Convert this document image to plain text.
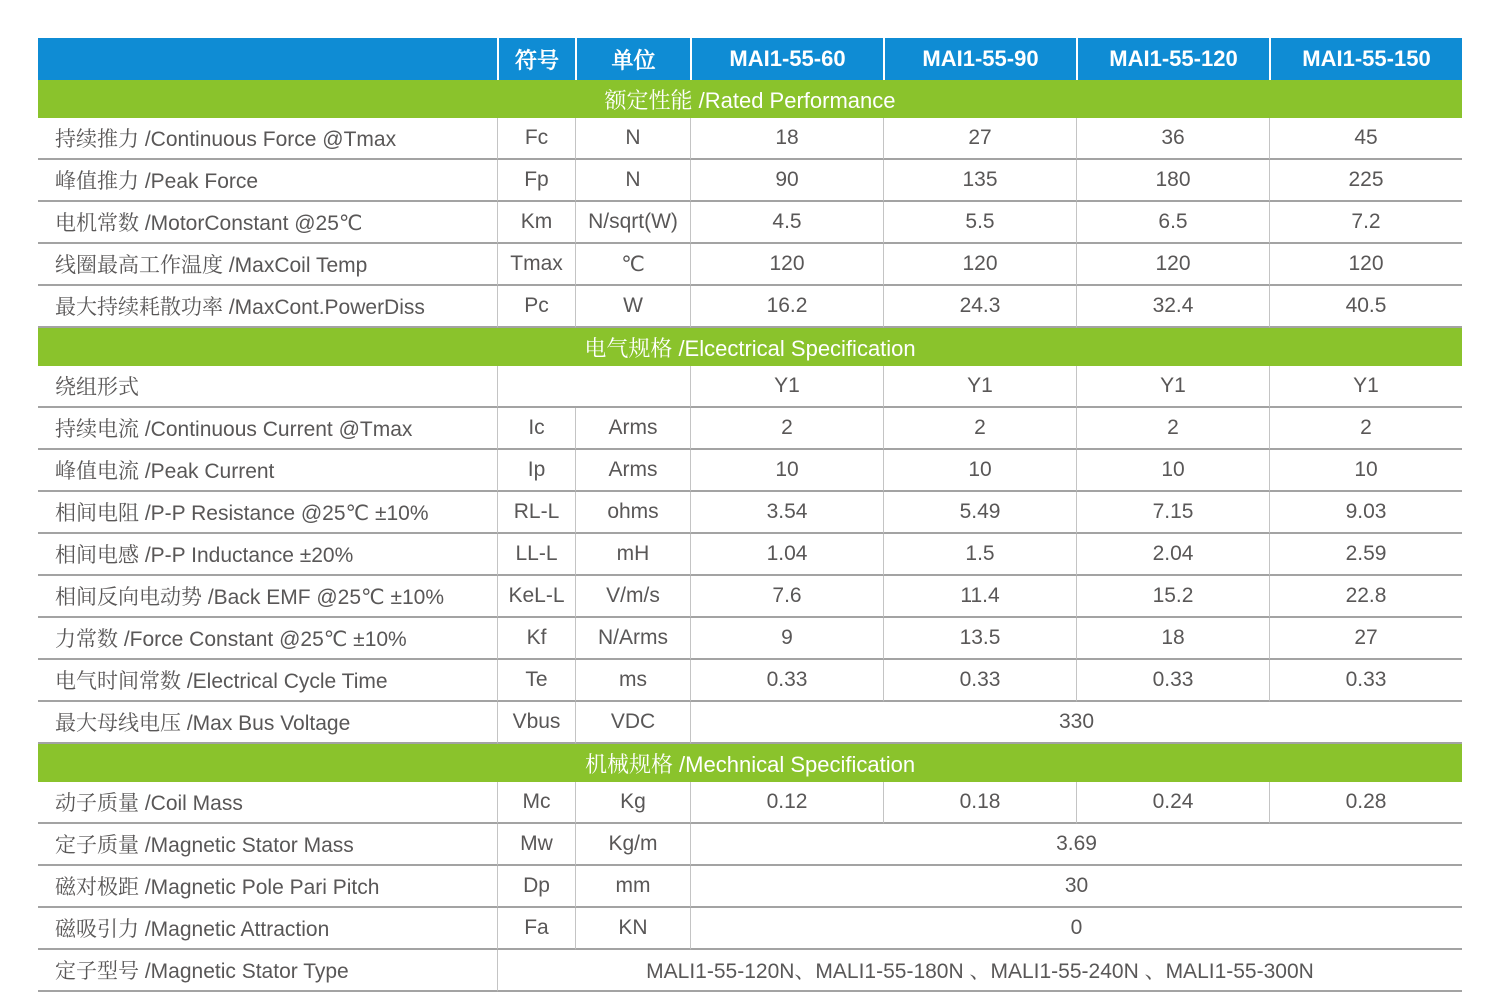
	符号	单位	MAI1-55-60	MAI1-55-90	MAI1-55-120	MAI1-55-150
额定性能 /Rated Performance						
持续推力 /Continuous Force @Tmax	Fc	N	18	27	36	45
峰值推力 /Peak Force	Fp	N	90	135	180	225
电机常数 /MotorConstant @25℃	Km	N/sqrt(W)	4.5	5.5	6.5	7.2
线圈最高工作温度 /MaxCoil Temp	Tmax	℃	120	120	120	120
最大持续耗散功率 /MaxCont.PowerDiss	Pc	W	16.2	24.3	32.4	40.5
电气规格 /Elcectrical Specification						
绕组形式			Y1	Y1	Y1	Y1
持续电流 /Continuous Current @Tmax	Ic	Arms	2	2	2	2
峰值电流 /Peak Current	Ip	Arms	10	10	10	10
相间电阻 /P-P Resistance @25℃ ±10%	RL-L	ohms	3.54	5.49	7.15	9.03
相间电感 /P-P Inductance ±20%	LL-L	mH	1.04	1.5	2.04	2.59
相间反向电动势 /Back EMF @25℃ ±10%	KeL-L	V/m/s	7.6	11.4	15.2	22.8
力常数 /Force Constant @25℃ ±10%	Kf	N/Arms	9	13.5	18	27
电气时间常数 /Electrical Cycle Time	Te	ms	0.33	0.33	0.33	0.33
最大母线电压 /Max Bus Voltage	Vbus	VDC	330			
机械规格 /Mechnical Specification						
动子质量 /Coil Mass	Mc	Kg	0.12	0.18	0.24	0.28
定子质量 /Magnetic Stator Mass	Mw	Kg/m	3.69			
磁对极距 /Magnetic Pole Pari Pitch	Dp	mm	30			
磁吸引力 /Magnetic Attraction	Fa	KN	0			
定子型号 /Magnetic Stator Type	MALI1-55-120N、MALI1-55-180N 、MALI1-55-240N 、MALI1-55-300N					
